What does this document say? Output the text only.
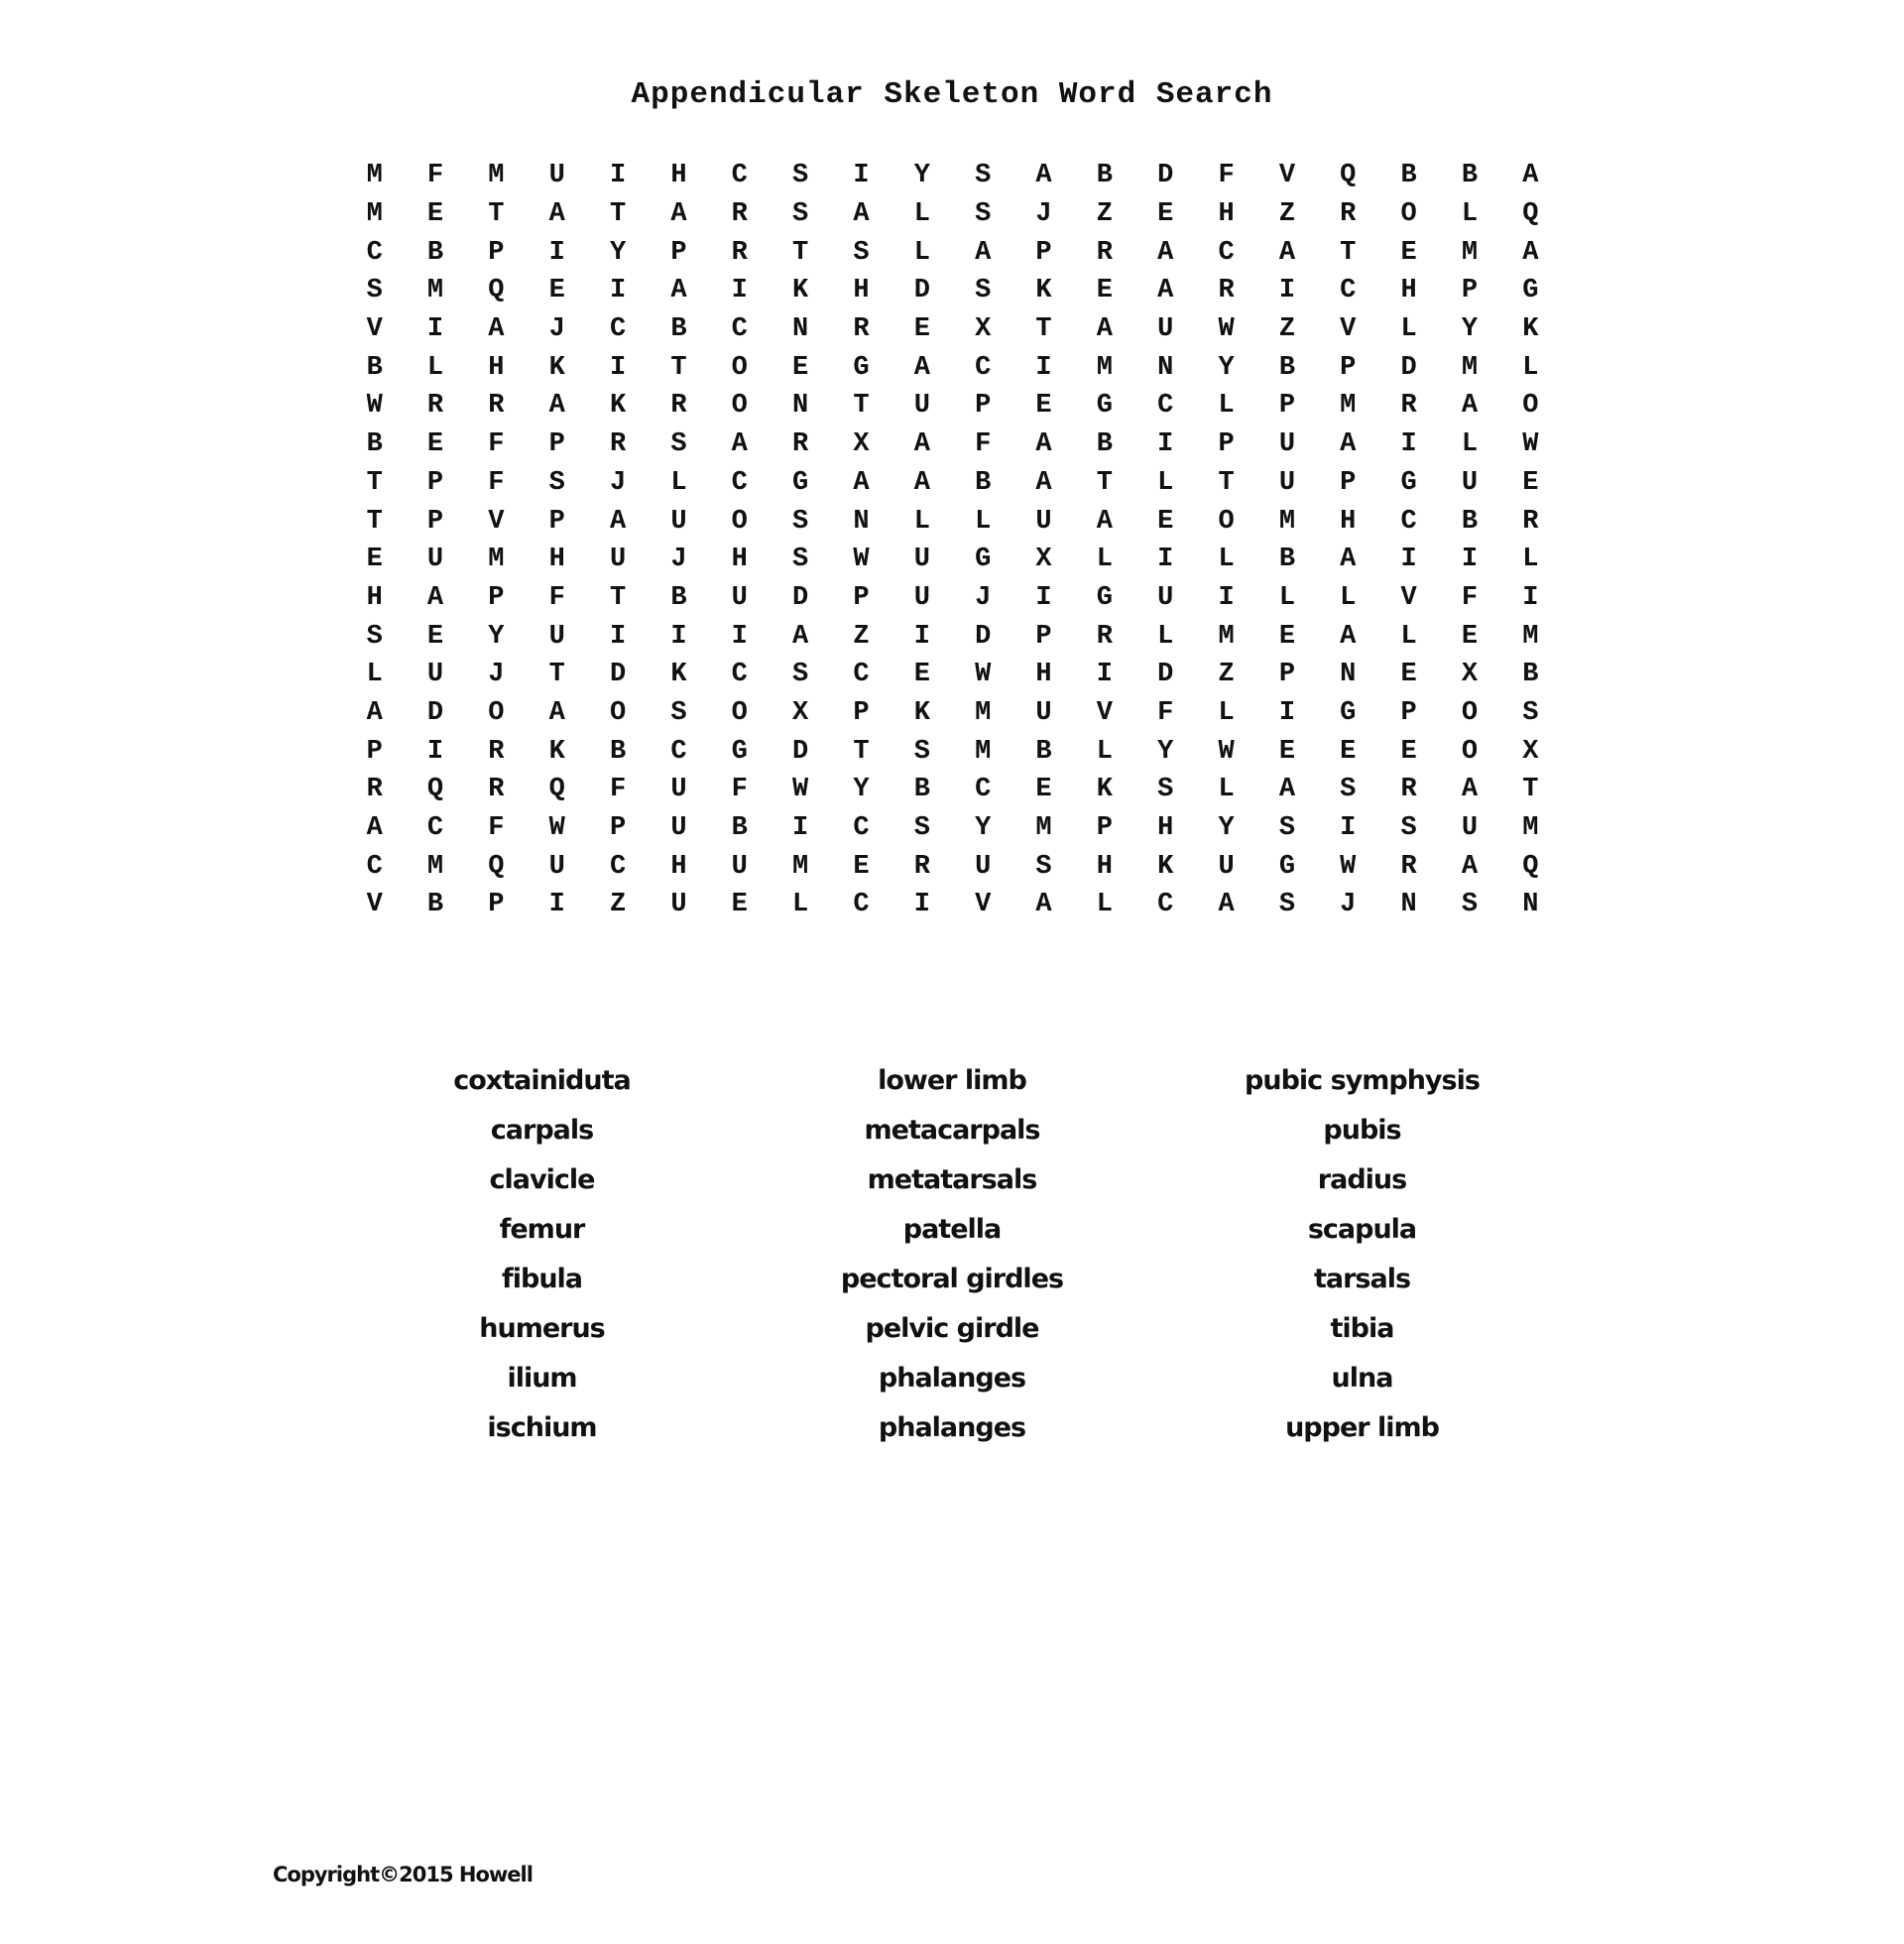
Appendicular Skeleton Word Search
M	F	M	U	I	H	C	S	I	Y	S	A	B	D	F	V	Q	B	B	A
M	E	T	A	T	A	R	S	A	L	S	J	Z	E	H	Z	R	O	L	Q
C	B	P	I	Y	P	R	T	S	L	A	P	R	A	C	A	T	E	M	A
S	M	Q	E	I	A	I	K	H	D	S	K	E	A	R	I	C	H	P	G
V	I	A	J	C	B	C	N	R	E	X	T	A	U	W	Z	V	L	Y	K
B	L	H	K	I	T	O	E	G	A	C	I	M	N	Y	B	P	D	M	L
W	R	R	A	K	R	O	N	T	U	P	E	G	C	L	P	M	R	A	O
B	E	F	P	R	S	A	R	X	A	F	A	B	I	P	U	A	I	L	W
T	P	F	S	J	L	C	G	A	A	B	A	T	L	T	U	P	G	U	E
T	P	V	P	A	U	O	S	N	L	L	U	A	E	O	M	H	C	B	R
E	U	M	H	U	J	H	S	W	U	G	X	L	I	L	B	A	I	I	L
H	A	P	F	T	B	U	D	P	U	J	I	G	U	I	L	L	V	F	I
S	E	Y	U	I	I	I	A	Z	I	D	P	R	L	M	E	A	L	E	M
L	U	J	T	D	K	C	S	C	E	W	H	I	D	Z	P	N	E	X	B
A	D	O	A	O	S	O	X	P	K	M	U	V	F	L	I	G	P	O	S
P	I	R	K	B	C	G	D	T	S	M	B	L	Y	W	E	E	E	O	X
R	Q	R	Q	F	U	F	W	Y	B	C	E	K	S	L	A	S	R	A	T
A	C	F	W	P	U	B	I	C	S	Y	M	P	H	Y	S	I	S	U	M
C	M	Q	U	C	H	U	M	E	R	U	S	H	K	U	G	W	R	A	Q
V	B	P	I	Z	U	E	L	C	I	V	A	L	C	A	S	J	N	S	N
coxtainiduta
carpals
clavicle
femur
fibula
humerus
ilium
ischium
lower limb
metacarpals
metatarsals
patella
pectoral girdles
pelvic girdle
phalanges
phalanges
pubic symphysis
pubis
radius
scapula
tarsals
tibia
ulna
upper limb
Copyright©2015 Howell
